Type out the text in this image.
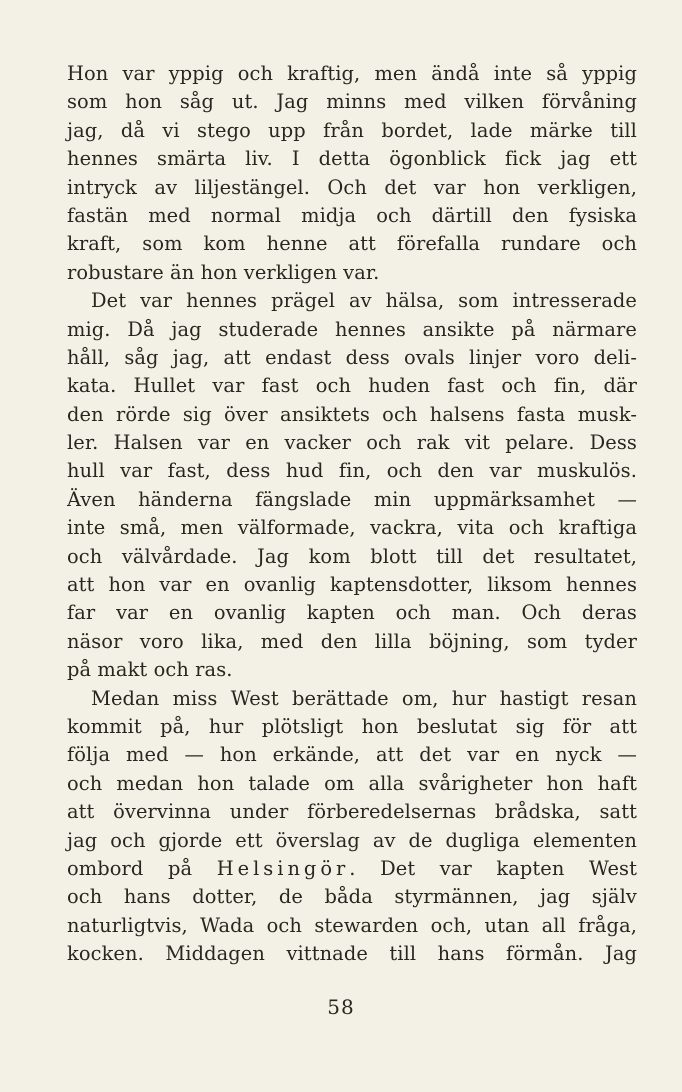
Hon var yppig och kraftig, men ändå inte så yppig
som hon såg ut. Jag minns med vilken förvåning
jag, då vi stego upp från bordet, lade märke till
hennes smärta liv. I detta ögonblick fick jag ett
intryck av liljestängel. Och det var hon verkligen,
fastän med normal midja och därtill den fysiska
kraft, som kom henne att förefalla rundare och
robustare än hon verkligen var.
Det var hennes prägel av hälsa, som intresserade
mig. Då jag studerade hennes ansikte på närmare
håll, såg jag, att endast dess ovals linjer voro deli-
kata. Hullet var fast och huden fast och fin, där
den rörde sig över ansiktets och halsens fasta musk-
ler. Halsen var en vacker och rak vit pelare. Dess
hull var fast, dess hud fin, och den var muskulös.
Även händerna fängslade min uppmärksamhet —
inte små, men välformade, vackra, vita och kraftiga
och välvårdade. Jag kom blott till det resultatet,
att hon var en ovanlig kaptensdotter, liksom hennes
far var en ovanlig kapten och man. Och deras
näsor voro lika, med den lilla böjning, som tyder
på makt och ras.
Medan miss West berättade om, hur hastigt resan
kommit på, hur plötsligt hon beslutat sig för att
följa med — hon erkände, att det var en nyck —
och medan hon talade om alla svårigheter hon haft
att övervinna under förberedelsernas brådska, satt
jag och gjorde ett överslag av de dugliga elementen
ombord på Helsingör. Det var kapten West
och hans dotter, de båda styrmännen, jag själv
naturligtvis, Wada och stewarden och, utan all fråga,
kocken. Middagen vittnade till hans förmån. Jag
58
